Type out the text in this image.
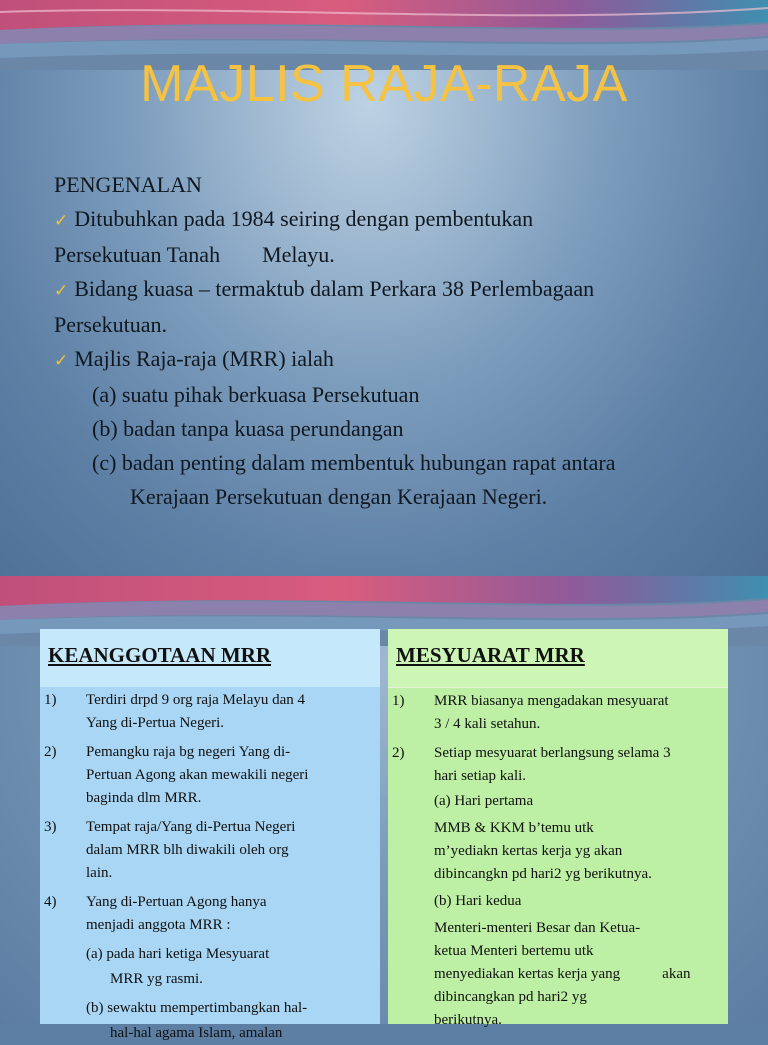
MAJLIS RAJA-RAJA
PENGENALAN
✓ Ditubuhkan pada 1984 seiring dengan pembentukan
Persekutuan Tanah Melayu.
✓ Bidang kuasa – termaktub dalam Perkara 38 Perlembagaan
Persekutuan.
✓ Majlis Raja-raja (MRR) ialah
(a) suatu pihak berkuasa Persekutuan
(b) badan tanpa kuasa perundangan
(c) badan penting dalam membentuk hubungan rapat antara
Kerajaan Persekutuan dengan Kerajaan Negeri.
KEANGGOTAAN MRR
1)	Terdiri drpd 9 org raja Melayu dan 4
Yang di-Pertua Negeri.
2)	Pemangku raja bg negeri Yang di-
Pertuan Agong akan mewakili negeri
baginda dlm MRR.
3)	Tempat raja/Yang di-Pertua Negeri
dalam MRR blh diwakili oleh org
lain.
4)	Yang di-Pertuan Agong hanya
menjadi anggota MRR :
(a) pada hari ketiga Mesyuarat
MRR yg rasmi.
(b) sewaktu mempertimbangkan hal-
hal-hal agama Islam, amalan
MESYUARAT MRR
1)	MRR biasanya mengadakan mesyuarat
3 / 4 kali setahun.
2)	Setiap mesyuarat berlangsung selama 3
hari setiap kali.
(a) Hari pertama
MMB & KKM b’temu utk
m’yediakn kertas kerja yg akan
dibincangkn pd hari2 yg berikutnya.
(b) Hari kedua
Menteri-menteri Besar dan Ketua-
ketua Menteri bertemu utk
menyediakan kertas kerja yang	akan
dibincangkan pd hari2 yg
berikutnya.
